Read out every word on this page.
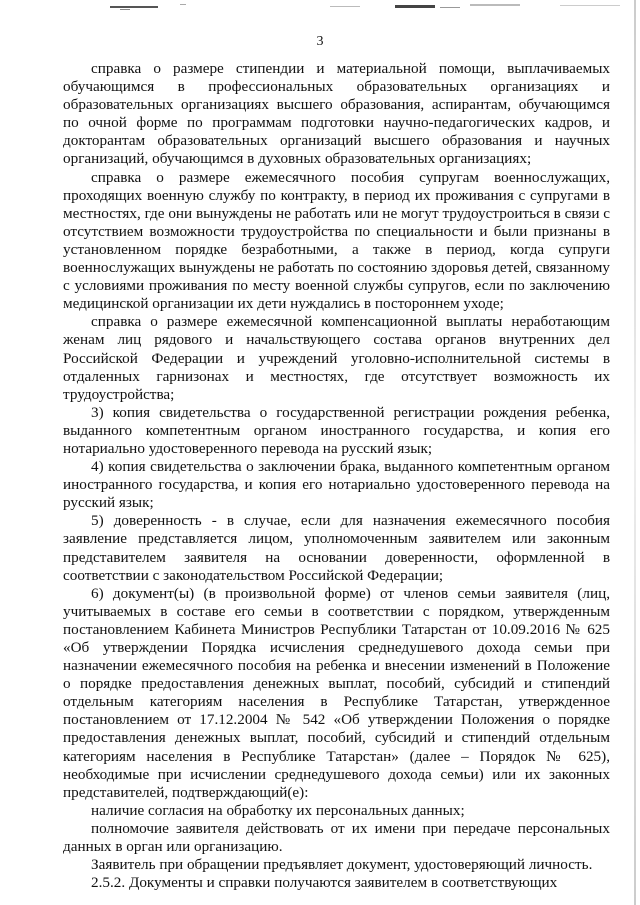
3

справка о размере стипендии и материальной помощи, выплачиваемых обучающимся в профессиональных образовательных организациях и образовательных организациях высшего образования, аспирантам, обучающимся по очной форме по программам подготовки научно-педагогических кадров, и докторантам образовательных организаций высшего образования и научных организаций, обучающимся в духовных образовательных организациях;

справка о размере ежемесячного пособия супругам военнослужащих, проходящих военную службу по контракту, в период их проживания с супругами в местностях, где они вынуждены не работать или не могут трудоустроиться в связи с отсутствием возможности трудоустройства по специальности и были признаны в установленном порядке безработными, а также в период, когда супруги военнослужащих вынуждены не работать по состоянию здоровья детей, связанному с условиями проживания по месту военной службы супругов, если по заключению медицинской организации их дети нуждались в постороннем уходе;

справка о размере ежемесячной компенсационной выплаты неработающим женам лиц рядового и начальствующего состава органов внутренних дел Российской Федерации и учреждений уголовно-исполнительной системы в отдаленных гарнизонах и местностях, где отсутствует возможность их трудоустройства;

3) копия свидетельства о государственной регистрации рождения ребенка, выданного компетентным органом иностранного государства, и копия его нотариально удостоверенного перевода на русский язык;

4) копия свидетельства о заключении брака, выданного компетентным органом иностранного государства, и копия его нотариально удостоверенного перевода на русский язык;

5) доверенность - в случае, если для назначения ежемесячного пособия заявление представляется лицом, уполномоченным заявителем или законным представителем заявителя на основании доверенности, оформленной в соответствии с законодательством Российской Федерации;

6) документ(ы) (в произвольной форме) от членов семьи заявителя (лиц, учитываемых в составе его семьи в соответствии с порядком, утвержденным постановлением Кабинета Министров Республики Татарстан от 10.09.2016 № 625 «Об утверждении Порядка исчисления среднедушевого дохода семьи при назначении ежемесячного пособия на ребенка и внесении изменений в Положение о порядке предоставления денежных выплат, пособий, субсидий и стипендий отдельным категориям населения в Республике Татарстан, утвержденное постановлением от 17.12.2004 № 542 «Об утверждении Положения о порядке предоставления денежных выплат, пособий, субсидий и стипендий отдельным категориям населения в Республике Татарстан» (далее – Порядок № 625), необходимые при исчислении среднедушевого дохода семьи) или их законных представителей, подтверждающий(е):

наличие согласия на обработку их персональных данных;

полномочие заявителя действовать от их имени при передаче персональных данных в орган или организацию.

Заявитель при обращении предъявляет документ, удостоверяющий личность.

2.5.2. Документы и справки получаются заявителем в соответствующих
